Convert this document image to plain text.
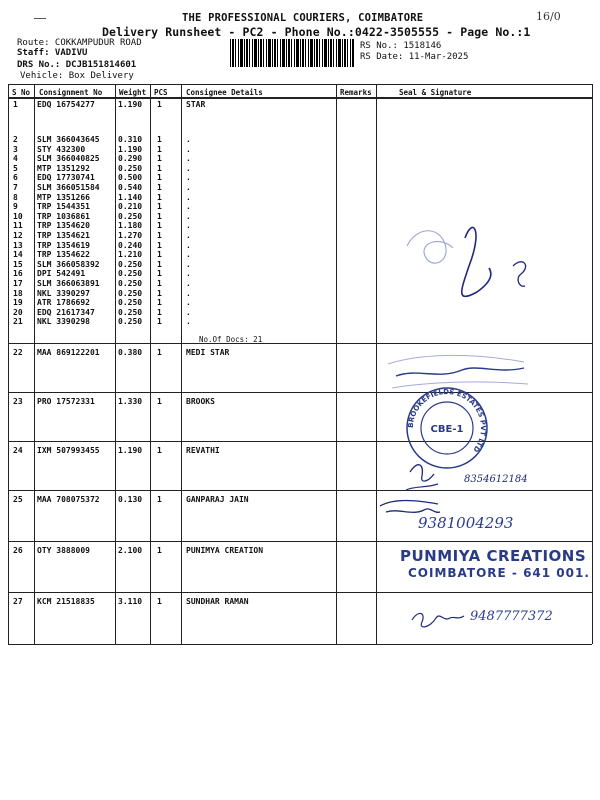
16/0
THE PROFESSIONAL COURIERS, COIMBATORE
Delivery Runsheet - PC2 - Phone No.:0422-3505555 - Page No.:1
Route: COKKAMPUDUR ROAD
Staff: VADIVU
DRS No.: DCJB151814601
Vehicle: Box Delivery
RS No.: 1518146
RS Date: 11-Mar-2025
S No Consignment No Weight PCS Consignee Details	Remarks	Seal & Signature
1 EDQ 16754277	1.190 1	STAR
2 SLM 366043645 0.310 1	.
3 STY 432300	1.190 1	.
4 SLM 366040825 0.290 1	.
5 MTP 1351292	0.250 1	.
6 EDQ 17730741	0.500 1	.
7 SLM 366051584 0.540 1	.
8 MTP 1351266	1.140 1	.
9 TRP 1544351	0.210 1	.
10 TRP 1036861	0.250 1	.
11 TRP 1354620	1.180 1	.
12 TRP 1354621	1.270 1	.
13 TRP 1354619	0.240 1	.
14 TRP 1354622	1.210 1	.
15 SLM 366058392 0.250 1	.
16 DPI 542491	0.250 1	.
17 SLM 366063891 0.250 1	.
18 NKL 3390297	0.250 1	.
19 ATR 1786692	0.250 1	.
20 EDQ 21617347	0.250 1	.
21 NKL 3390298	0.250 1	.
22 MAA 869122201 0.380 1	MEDI STAR
23 PRO 17572331	1.330 1	BROOKS
24 IXM 507993455 1.190 1	REVATHI
25 MAA 708075372 0.130 1	GANPARAJ JAIN
26 OTY 3888009	2.100 1	PUNIMYA CREATION
27 KCM 21518835	3.110 1	SUNDHAR RAMAN
No.Of Docs: 21
BROOKEFIELDS ESTATES PVT LTD
CBE-1
8354612184
9381004293
PUNMIYA CREATIONS
COIMBATORE - 641 001.
9487777372
